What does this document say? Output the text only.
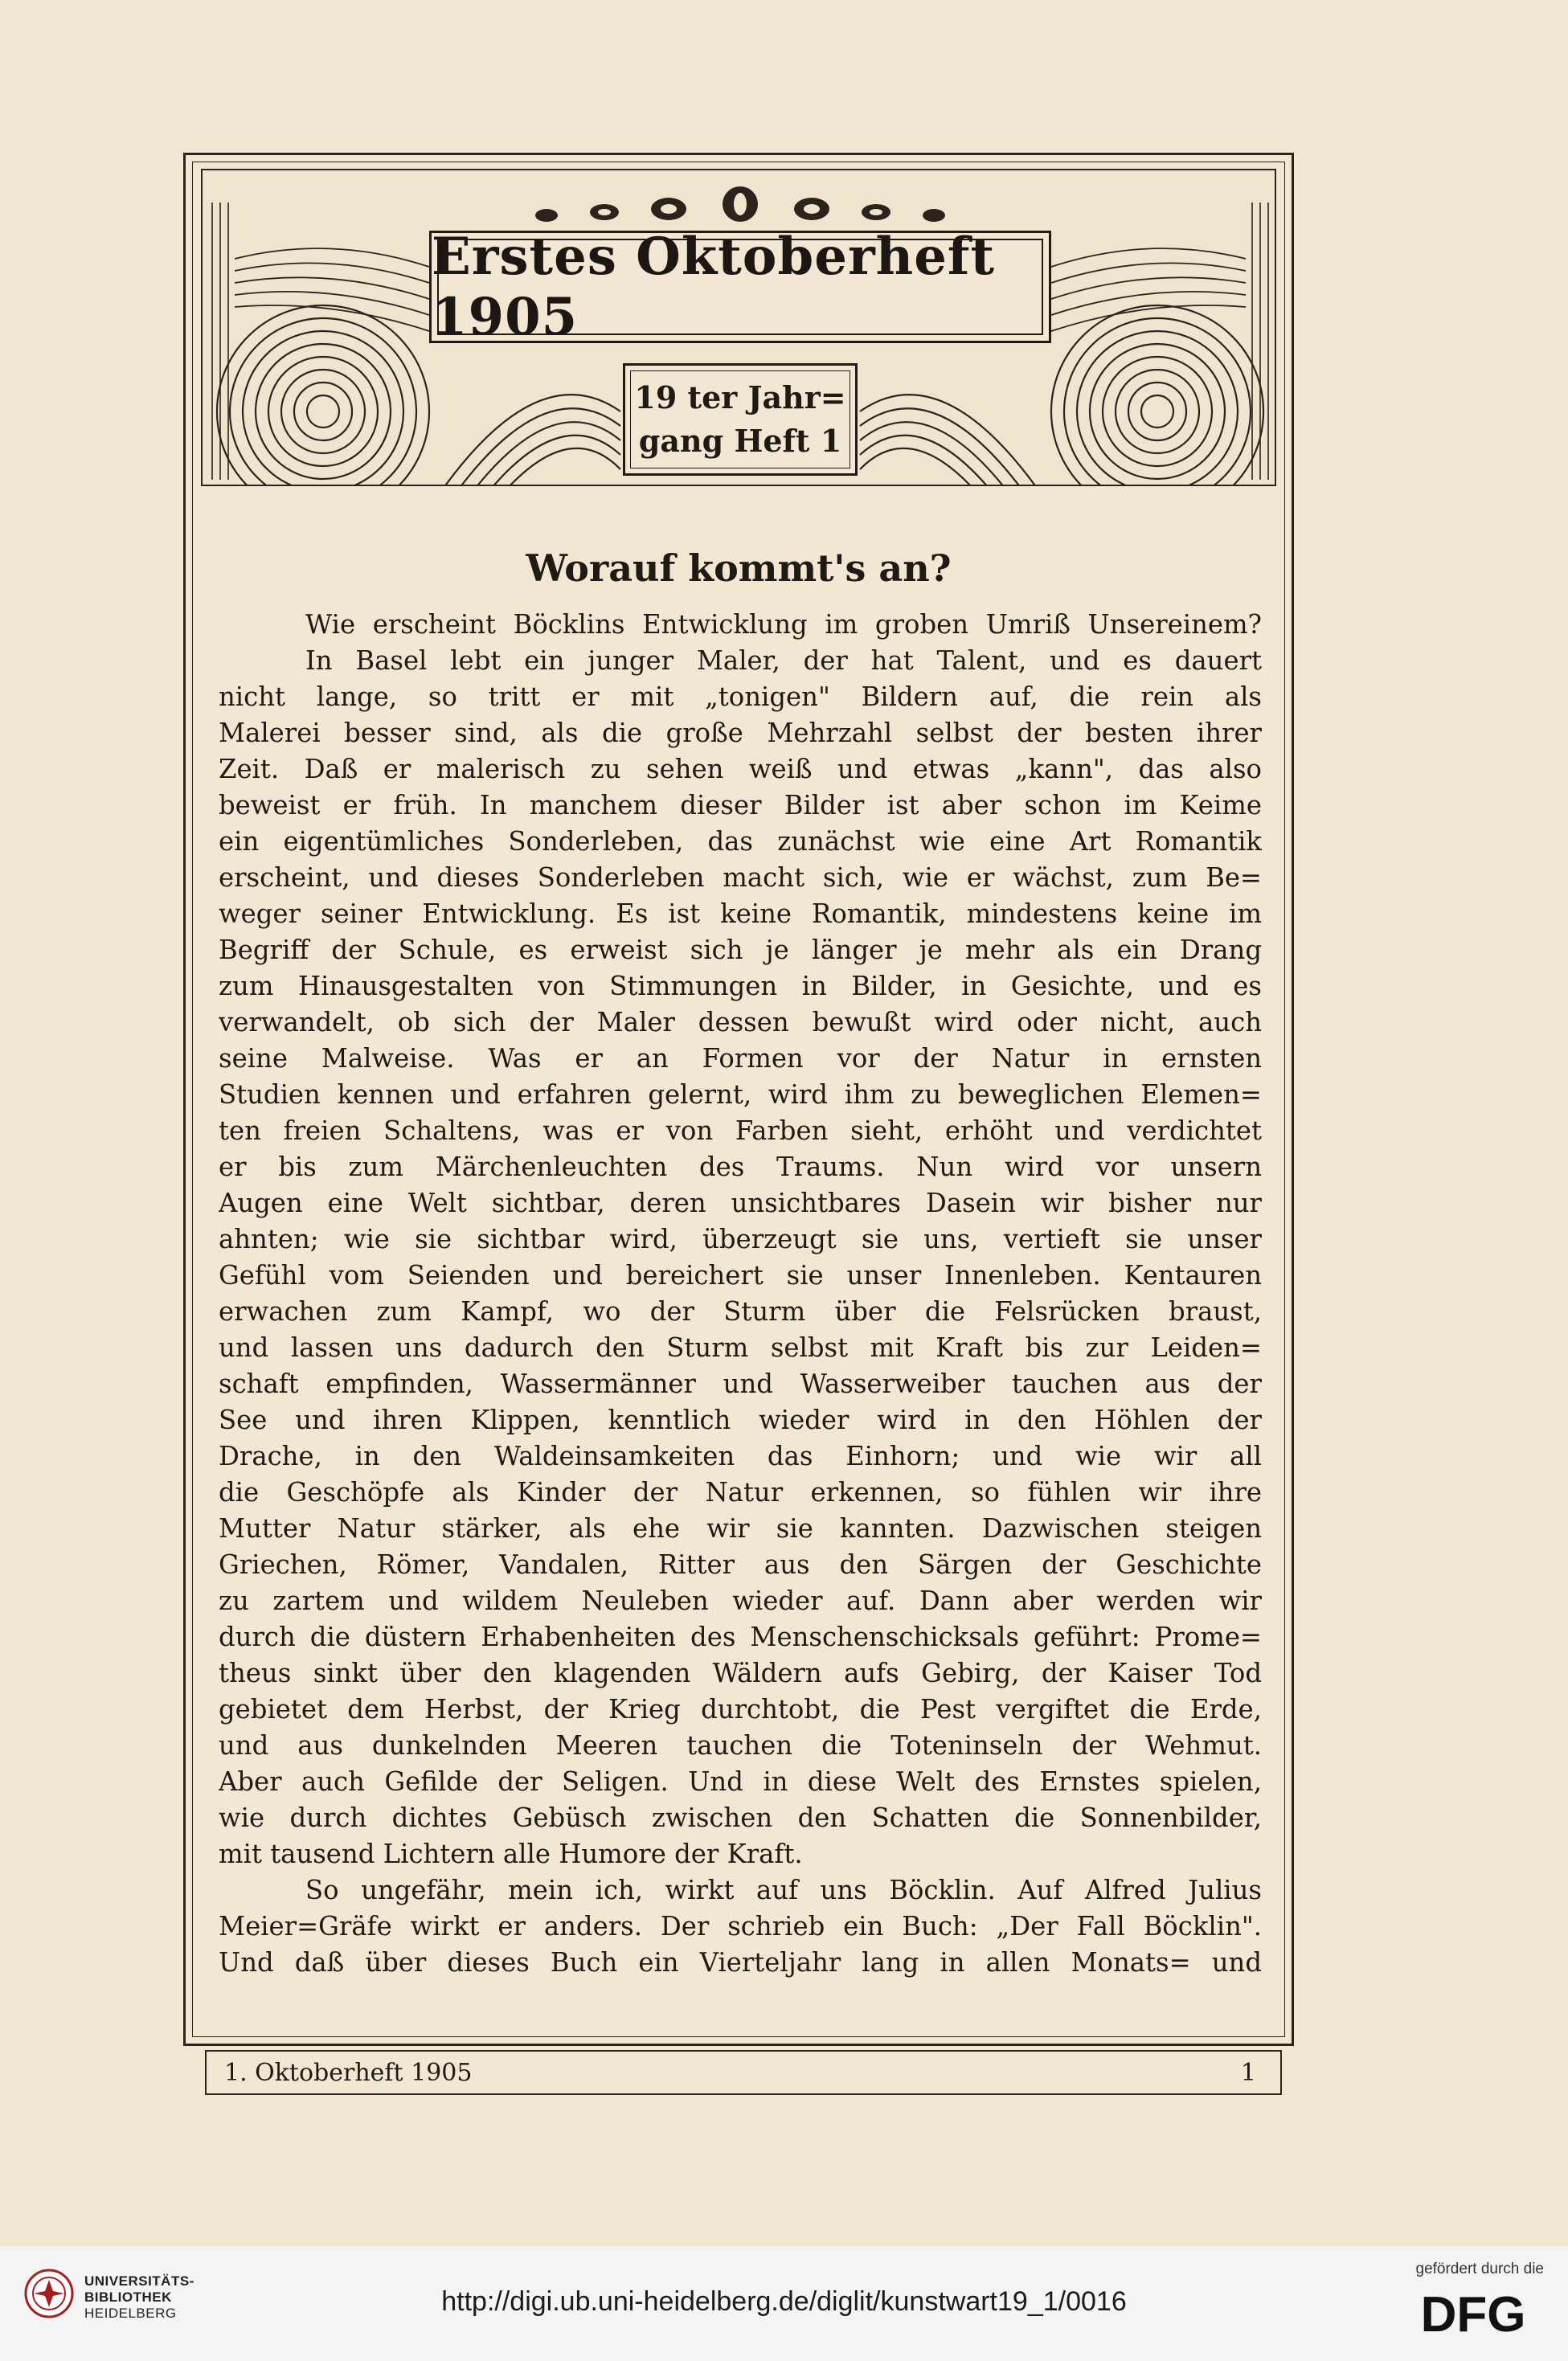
Erstes Oktoberheft 1905
19 ter Jahr=
gang Heft 1
Worauf kommt's an?
Wie erscheint Böcklins Entwicklung im groben Umriß Unsereinem?
In Basel lebt ein junger Maler, der hat Talent, und es dauert
nicht lange, so tritt er mit „tonigen" Bildern auf, die rein als
Malerei besser sind, als die große Mehrzahl selbst der besten ihrer
Zeit. Daß er malerisch zu sehen weiß und etwas „kann", das also
beweist er früh. In manchem dieser Bilder ist aber schon im Keime
ein eigentümliches Sonderleben, das zunächst wie eine Art Romantik
erscheint, und dieses Sonderleben macht sich, wie er wächst, zum Be=
weger seiner Entwicklung. Es ist keine Romantik, mindestens keine im
Begriff der Schule, es erweist sich je länger je mehr als ein Drang
zum Hinausgestalten von Stimmungen in Bilder, in Gesichte, und es
verwandelt, ob sich der Maler dessen bewußt wird oder nicht, auch
seine Malweise. Was er an Formen vor der Natur in ernsten
Studien kennen und erfahren gelernt, wird ihm zu beweglichen Elemen=
ten freien Schaltens, was er von Farben sieht, erhöht und verdichtet
er bis zum Märchenleuchten des Traums. Nun wird vor unsern
Augen eine Welt sichtbar, deren unsichtbares Dasein wir bisher nur
ahnten; wie sie sichtbar wird, überzeugt sie uns, vertieft sie unser
Gefühl vom Seienden und bereichert sie unser Innenleben. Kentauren
erwachen zum Kampf, wo der Sturm über die Felsrücken braust,
und lassen uns dadurch den Sturm selbst mit Kraft bis zur Leiden=
schaft empfinden, Wassermänner und Wasserweiber tauchen aus der
See und ihren Klippen, kenntlich wieder wird in den Höhlen der
Drache, in den Waldeinsamkeiten das Einhorn; und wie wir all
die Geschöpfe als Kinder der Natur erkennen, so fühlen wir ihre
Mutter Natur stärker, als ehe wir sie kannten. Dazwischen steigen
Griechen, Römer, Vandalen, Ritter aus den Särgen der Geschichte
zu zartem und wildem Neuleben wieder auf. Dann aber werden wir
durch die düstern Erhabenheiten des Menschenschicksals geführt: Prome=
theus sinkt über den klagenden Wäldern aufs Gebirg, der Kaiser Tod
gebietet dem Herbst, der Krieg durchtobt, die Pest vergiftet die Erde,
und aus dunkelnden Meeren tauchen die Toteninseln der Wehmut.
Aber auch Gefilde der Seligen. Und in diese Welt des Ernstes spielen,
wie durch dichtes Gebüsch zwischen den Schatten die Sonnenbilder,
mit tausend Lichtern alle Humore der Kraft.
So ungefähr, mein ich, wirkt auf uns Böcklin. Auf Alfred Julius
Meier=Gräfe wirkt er anders. Der schrieb ein Buch: „Der Fall Böcklin".
Und daß über dieses Buch ein Vierteljahr lang in allen Monats= und
1. Oktoberheft 1905	1
UNIVERSITÄTS-
BIBLIOTHEK
HEIDELBERG	http://digi.ub.uni-heidelberg.de/diglit/kunstwart19_1/0016
gefördert durch die
DFG
